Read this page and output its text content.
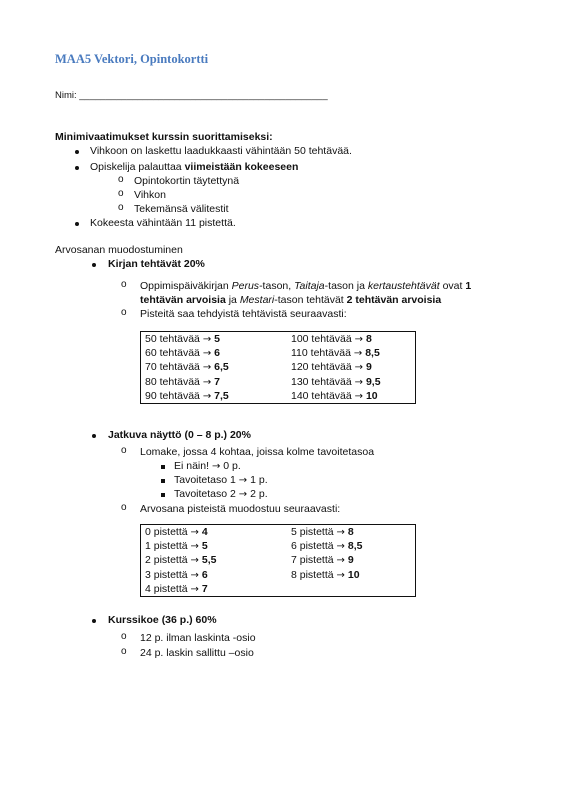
MAA5 Vektori, Opintokortti
Nimi: _______________________________________________
Minimivaatimukset kurssin suorittamiseksi:
Vihkoon on laskettu laadukkaasti vähintään 50 tehtävää.
Opiskelija palauttaa viimeistään kokeeseen
o Opintokortin täytettynä
o Vihkon
o Tekemänsä välitestit
Kokeesta vähintään 11 pistettä.
Arvosanan muodostuminen
Kirjan tehtävät 20%
o Oppimispäiväkirjan Perus-tason, Taitaja-tason ja kertaustehtävät ovat 1
tehtävän arvoisia ja Mestari-tason tehtävät 2 tehtävän arvoisia
o Pisteitä saa tehdyistä tehtävistä seuraavasti:
50 tehtävää → 5	100 tehtävää → 8
60 tehtävää → 6	110 tehtävää → 8,5
70 tehtävää → 6,5	120 tehtävää → 9
80 tehtävää → 7	130 tehtävää → 9,5
90 tehtävää → 7,5	140 tehtävää → 10
Jatkuva näyttö (0 – 8 p.) 20%
o Lomake, jossa 4 kohtaa, joissa kolme tavoitetasoa
Ei näin! → 0 p.
Tavoitetaso 1 → 1 p.
Tavoitetaso 2 → 2 p.
o Arvosana pisteistä muodostuu seuraavasti:
0 pistettä → 4	5 pistettä → 8
1 pistettä → 5	6 pistettä → 8,5
2 pistettä → 5,5	7 pistettä → 9
3 pistettä → 6	8 pistettä → 10
4 pistettä → 7	
Kurssikoe (36 p.) 60%
o 12 p. ilman laskinta -osio
o 24 p. laskin sallittu –osio
